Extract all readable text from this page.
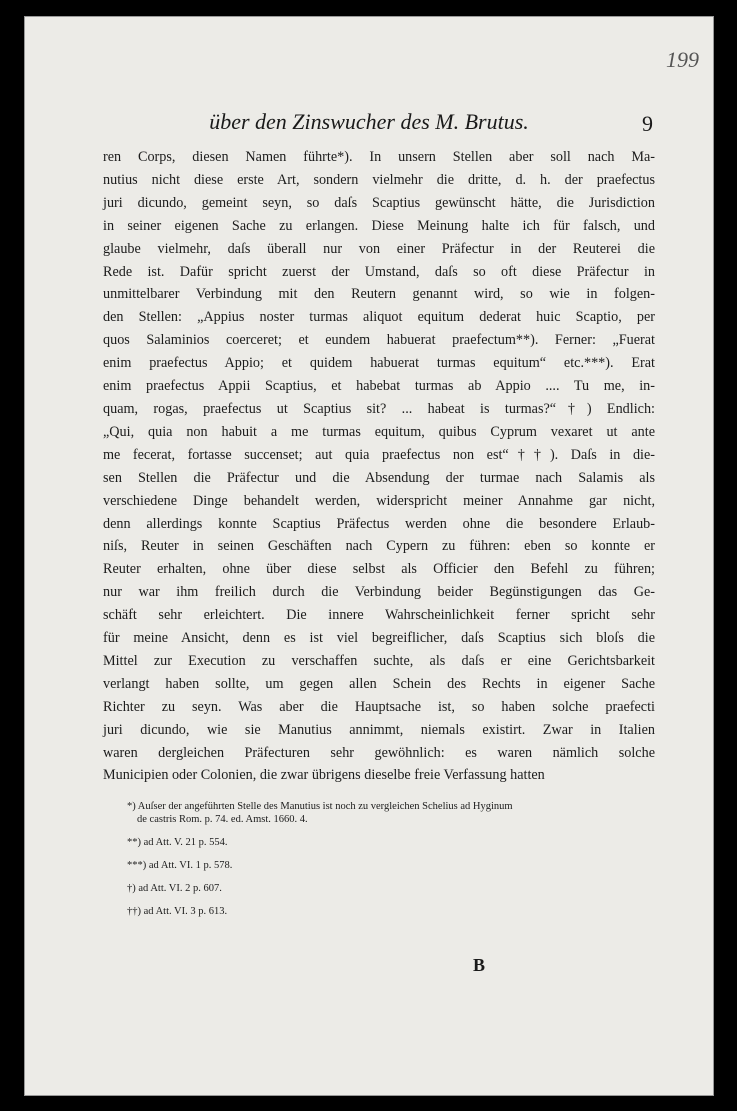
199
über den Zinswucher des M. Brutus.	9
ren Corps, diesen Namen führte*). In unsern Stellen aber soll nach Ma-
nutius nicht diese erste Art, sondern vielmehr die dritte, d. h. der praefectus
juri dicundo, gemeint seyn, so daſs Scaptius gewünscht hätte, die Jurisdiction
in seiner eigenen Sache zu erlangen. Diese Meinung halte ich für falsch, und
glaube vielmehr, daſs überall nur von einer Präfectur in der Reuterei die
Rede ist. Dafür spricht zuerst der Umstand, daſs so oft diese Präfectur in
unmittelbarer Verbindung mit den Reutern genannt wird, so wie in folgen-
den Stellen: „Appius noster turmas aliquot equitum dederat huic Scaptio, per
quos Salaminios coerceret; et eundem habuerat praefectum**). Ferner: „Fuerat
enim praefectus Appio; et quidem habuerat turmas equitum“ etc.***). Erat
enim praefectus Appii Scaptius, et habebat turmas ab Appio .... Tu me, in-
quam, rogas, praefectus ut Scaptius sit? ... habeat is turmas?“†) Endlich:
„Qui, quia non habuit a me turmas equitum, quibus Cyprum vexaret ut ante
me fecerat, fortasse succenset; aut quia praefectus non est“††). Daſs in die-
sen Stellen die Präfectur und die Absendung der turmae nach Salamis als
verschiedene Dinge behandelt werden, widerspricht meiner Annahme gar nicht,
denn allerdings konnte Scaptius Präfectus werden ohne die besondere Erlaub-
niſs, Reuter in seinen Geschäften nach Cypern zu führen: eben so konnte er
Reuter erhalten, ohne über diese selbst als Officier den Befehl zu führen;
nur war ihm freilich durch die Verbindung beider Begünstigungen das Ge-
schäft sehr erleichtert. Die innere Wahrscheinlichkeit ferner spricht sehr
für meine Ansicht, denn es ist viel begreiflicher, daſs Scaptius sich bloſs die
Mittel zur Execution zu verschaffen suchte, als daſs er eine Gerichtsbarkeit
verlangt haben sollte, um gegen allen Schein des Rechts in eigener Sache
Richter zu seyn. Was aber die Hauptsache ist, so haben solche praefecti
juri dicundo, wie sie Manutius annimmt, niemals existirt. Zwar in Italien
waren dergleichen Präfecturen sehr gewöhnlich: es waren nämlich solche
Municipien oder Colonien, die zwar übrigens dieselbe freie Verfassung hatten
*) Auſser der angeführten Stelle des Manutius ist noch zu vergleichen Schelius ad Hyginum
de castris Rom. p. 74. ed. Amst. 1660. 4.
**) ad Att. V. 21 p. 554.
***) ad Att. VI. 1 p. 578.
†) ad Att. VI. 2 p. 607.
††) ad Att. VI. 3 p. 613.
B
